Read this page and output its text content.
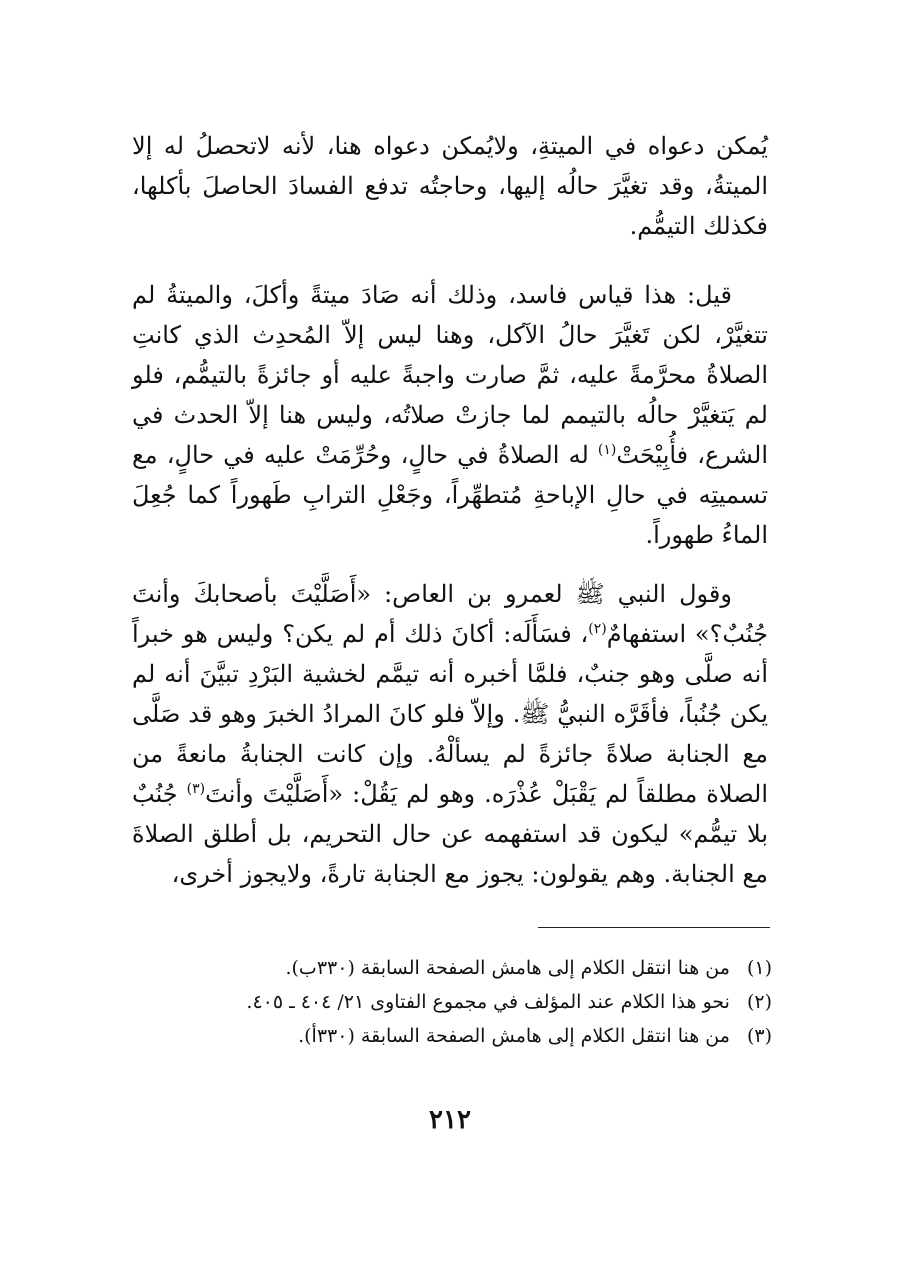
يُمكن دعواه في الميتةِ، ولايُمكن دعواه هنا، لأنه لاتحصلُ له إلا الميتةُ، وقد تغيَّرَ حالُه إليها، وحاجتُه تدفع الفسادَ الحاصلَ بأكلها، فكذلك التيمُّم.

قيل: هذا قياس فاسد، وذلك أنه صَادَ ميتةً وأكلَ، والميتةُ لم تتغيَّرْ، لكن تَغيَّرَ حالُ الآكل، وهنا ليس إلاّ المُحدِث الذي كانتِ الصلاةُ محرَّمةً عليه، ثمَّ صارت واجبةً عليه أو جائزةً بالتيمُّم، فلو لم يَتغيَّرْ حالُه بالتيمم لما جازتْ صلاتُه، وليس هنا إلاّ الحدث في الشرع، فأُبِيْحَتْ$^{(١)}$ له الصلاةُ في حالٍ، وحُرِّمَتْ عليه في حالٍ، مع تسميتِه في حالِ الإباحةِ مُتطهِّراً، وجَعْلِ الترابِ طَهوراً كما جُعِلَ الماءُ طهوراً.

وقول النبي ﷺ لعمرو بن العاص: «أَصَلَّيْتَ بأصحابكَ وأنتَ جُنُبٌ؟» استفهامٌ$^{(٢)}$، فسَأَلَه: أكانَ ذلك أم لم يكن؟ وليس هو خبراً أنه صلَّى وهو جنبٌ، فلمَّا أخبره أنه تيمَّم لخشية البَرْدِ تبيَّنَ أنه لم يكن جُنُباً، فأقَرَّه النبيُّ ﷺ. وإلاّ فلو كانَ المرادُ الخبرَ وهو قد صَلَّى مع الجنابة صلاةً جائزةً لم يسألْهُ. وإن كانت الجنابةُ مانعةً من الصلاة مطلقاً لم يَقْبَلْ عُذْرَه. وهو لم يَقُلْ: «أَصَلَّيْتَ وأنتَ$^{(٣)}$ جُنُبٌ بلا تيمُّم» ليكون قد استفهمه عن حال التحريم، بل أطلق الصلاةَ مع الجنابة. وهم يقولون: يجوز مع الجنابة تارةً، ولايجوز أخرى،

(١) من هنا انتقل الكلام إلى هامش الصفحة السابقة (٣٣٠ب).
(٢) نحو هذا الكلام عند المؤلف في مجموع الفتاوى ٢١/ ٤٠٤ ـ ٤٠٥.
(٣) من هنا انتقل الكلام إلى هامش الصفحة السابقة (٣٣٠أ).
٢١٢
